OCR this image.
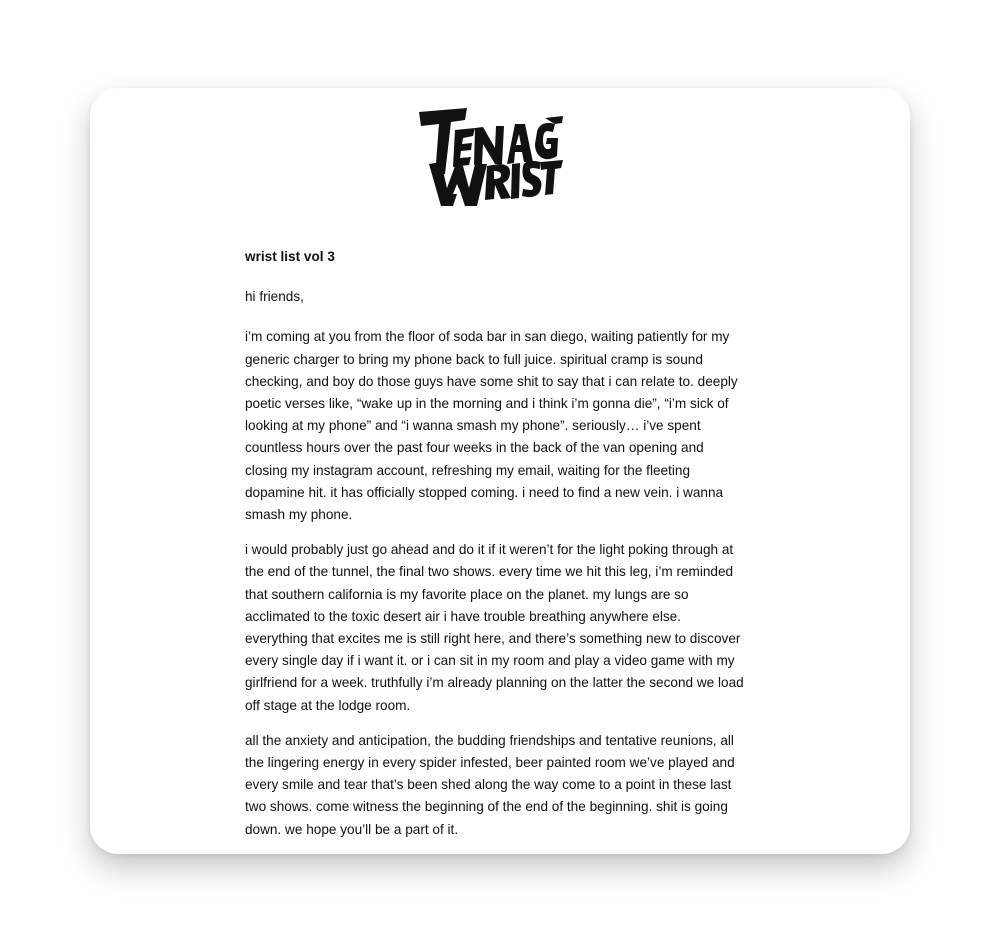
wrist list vol 3
hi friends,

i’m coming at you from the floor of soda bar in san diego, waiting patiently for my generic charger to bring my phone back to full juice. spiritual cramp is sound checking, and boy do those guys have some shit to say that i can relate to. deeply poetic verses like, “wake up in the morning and i think i’m gonna die”, “i’m sick of looking at my phone” and “i wanna smash my phone”. seriously… i’ve spent countless hours over the past four weeks in the back of the van opening and closing my instagram account, refreshing my email, waiting for the fleeting dopamine hit. it has officially stopped coming. i need to find a new vein. i wanna smash my phone.

i would probably just go ahead and do it if it weren’t for the light poking through at the end of the tunnel, the final two shows. every time we hit this leg, i’m reminded that southern california is my favorite place on the planet. my lungs are so acclimated to the toxic desert air i have trouble breathing anywhere else. everything that excites me is still right here, and there’s something new to discover every single day if i want it. or i can sit in my room and play a video game with my girlfriend for a week. truthfully i’m already planning on the latter the second we load off stage at the lodge room.

all the anxiety and anticipation, the budding friendships and tentative reunions, all the lingering energy in every spider infested, beer painted room we’ve played and every smile and tear that’s been shed along the way come to a point in these last two shows. come witness the beginning of the end of the beginning. shit is going down. we hope you’ll be a part of it.
